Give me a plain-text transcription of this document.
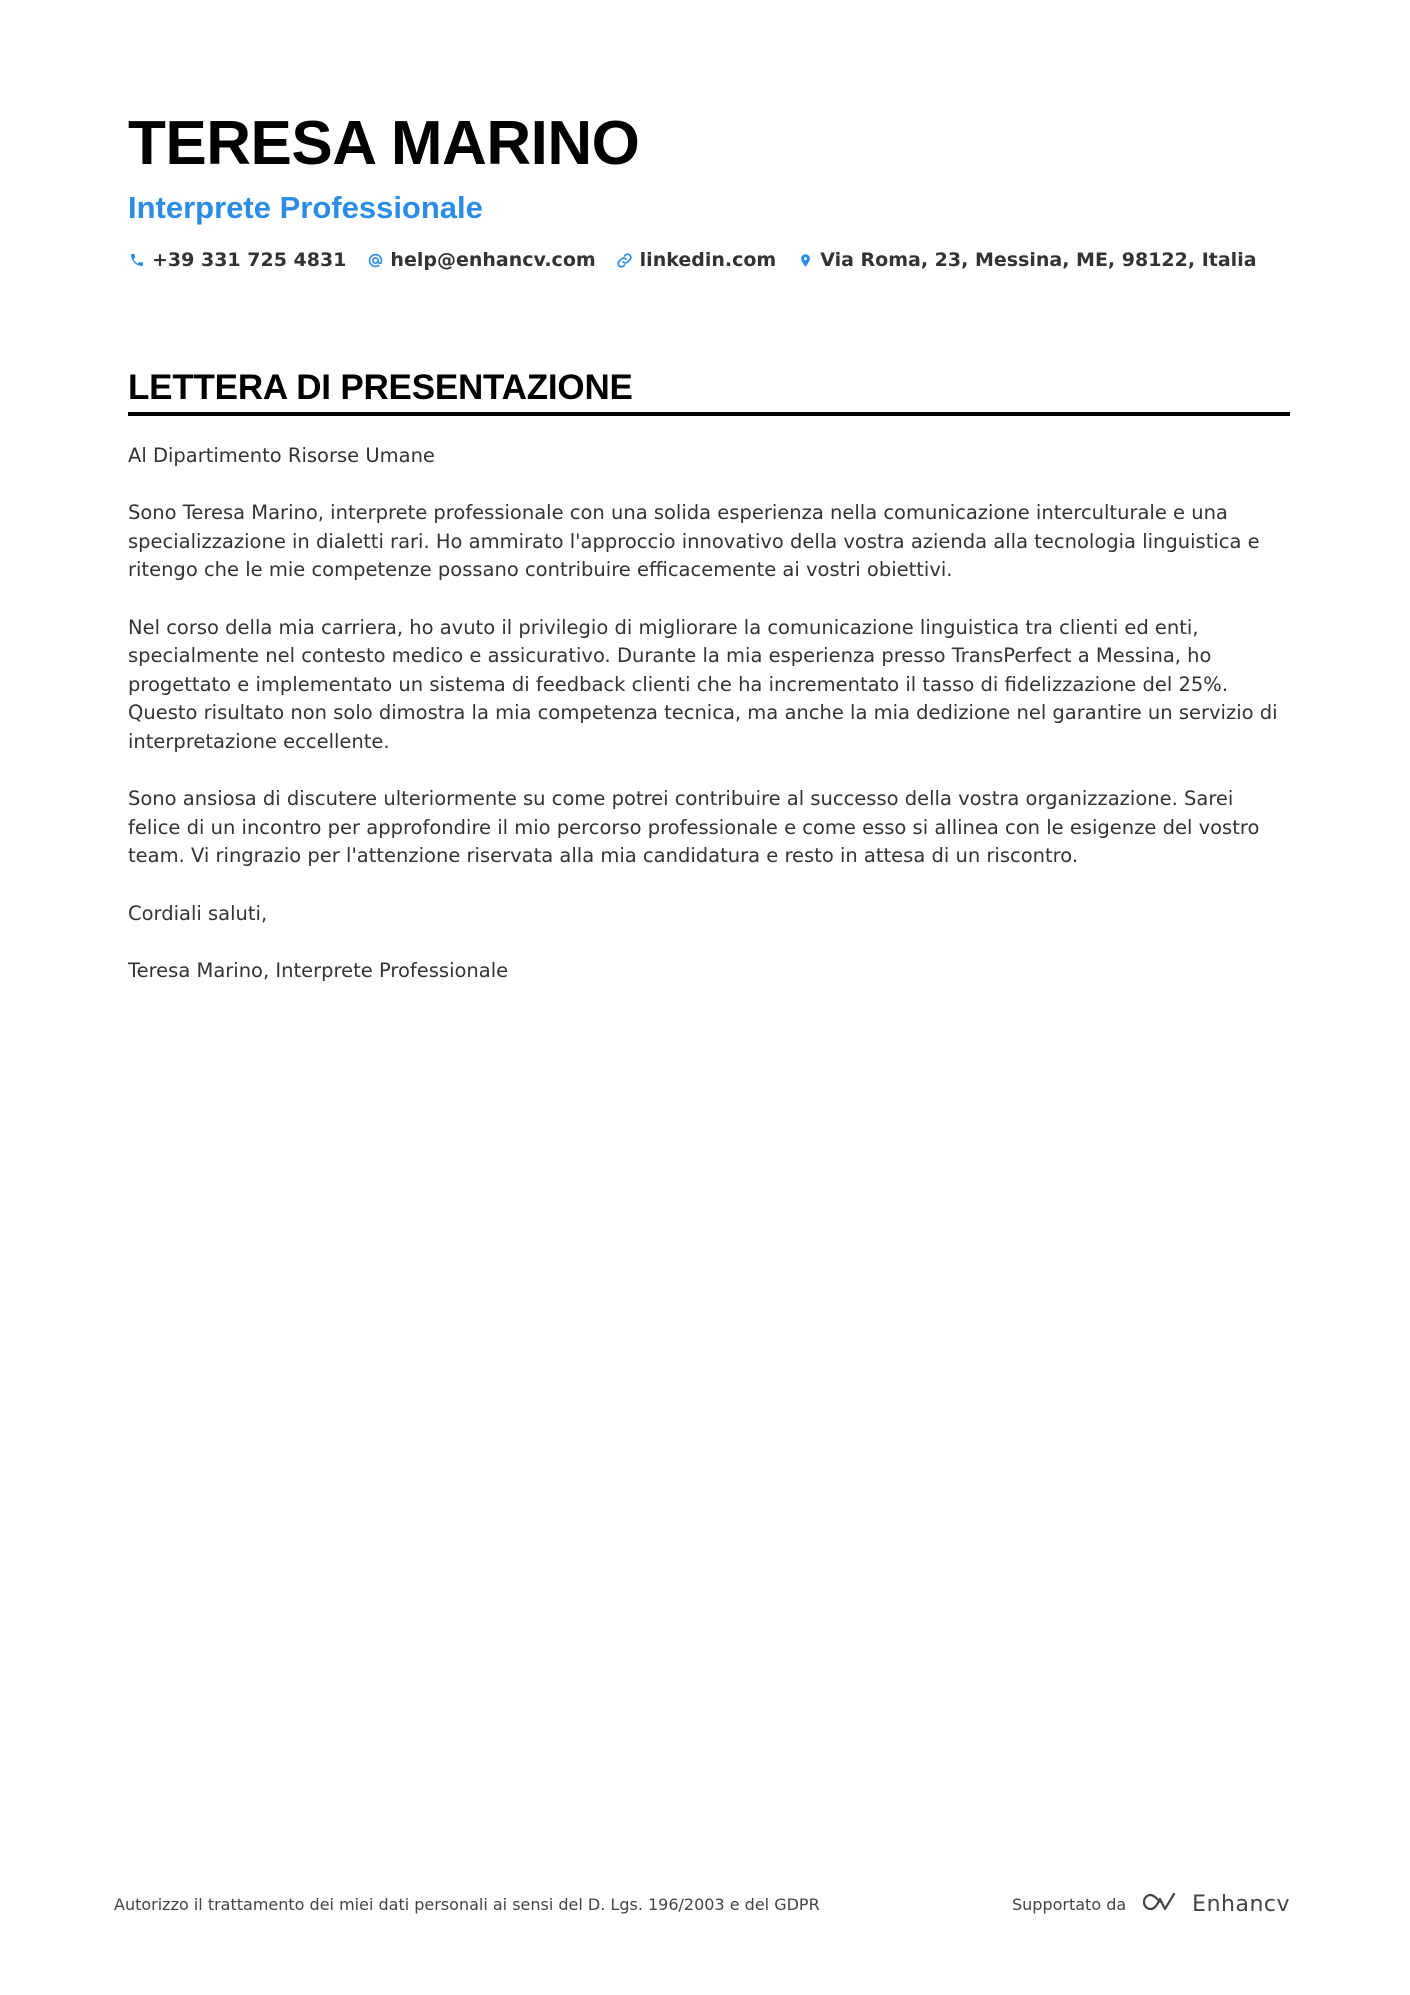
TERESA MARINO
Interprete Professionale
+39 331 725 4831 help@enhancv.com linkedin.com Via Roma, 23, Messina, ME, 98122, Italia
LETTERA DI PRESENTAZIONE

Al Dipartimento Risorse Umane

Sono Teresa Marino, interprete professionale con una solida esperienza nella comunicazione interculturale e una specializzazione in dialetti rari. Ho ammirato l'approccio innovativo della vostra azienda alla tecnologia linguistica e ritengo che le mie competenze possano contribuire efficacemente ai vostri obiettivi.

Nel corso della mia carriera, ho avuto il privilegio di migliorare la comunicazione linguistica tra clienti ed enti, specialmente nel contesto medico e assicurativo. Durante la mia esperienza presso TransPerfect a Messina, ho progettato e implementato un sistema di feedback clienti che ha incrementato il tasso di fidelizzazione del 25%. Questo risultato non solo dimostra la mia competenza tecnica, ma anche la mia dedizione nel garantire un servizio di interpretazione eccellente.

Sono ansiosa di discutere ulteriormente su come potrei contribuire al successo della vostra organizzazione. Sarei felice di un incontro per approfondire il mio percorso professionale e come esso si allinea con le esigenze del vostro team. Vi ringrazio per l'attenzione riservata alla mia candidatura e resto in attesa di un riscontro.

Cordiali saluti,

Teresa Marino, Interprete Professionale

Autorizzo il trattamento dei miei dati personali ai sensi del D. Lgs. 196/2003 e del GDPR	Supportato da	Enhancv
